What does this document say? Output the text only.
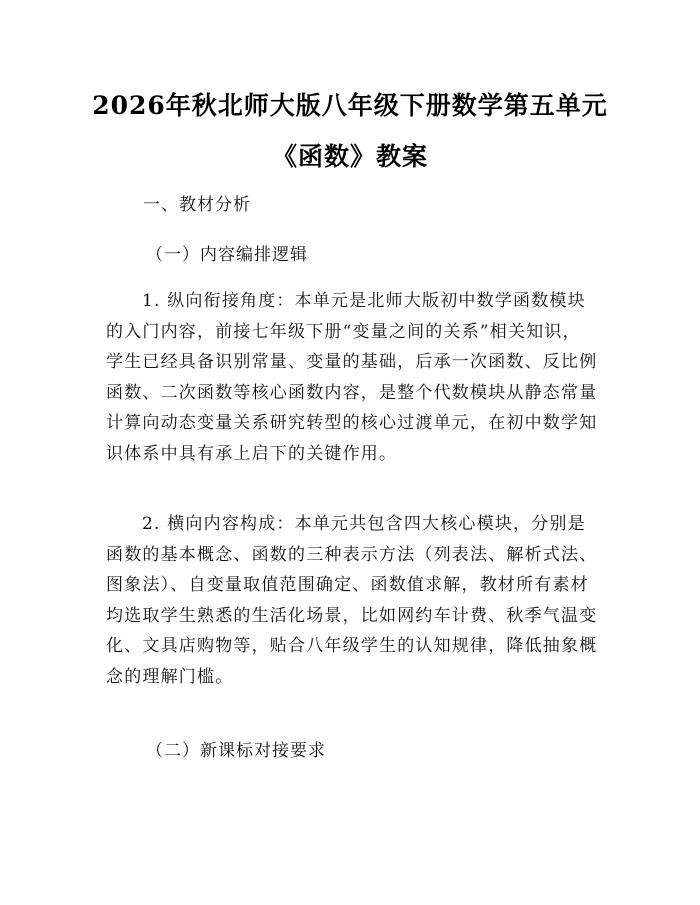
2026年秋北师大版八年级下册数学第五单元
《函数》教案
一、教材分析
（一）内容编排逻辑
1. 纵向衔接角度：本单元是北师大版初中数学函数模块
的入门内容，前接七年级下册“变量之间的关系”相关知识，
学生已经具备识别常量、变量的基础，后承一次函数、反比例
函数、二次函数等核心函数内容，是整个代数模块从静态常量
计算向动态变量关系研究转型的核心过渡单元，在初中数学知
识体系中具有承上启下的关键作用。
2. 横向内容构成：本单元共包含四大核心模块，分别是
函数的基本概念、函数的三种表示方法（列表法、解析式法、
图象法）、自变量取值范围确定、函数值求解，教材所有素材
均选取学生熟悉的生活化场景，比如网约车计费、秋季气温变
化、文具店购物等，贴合八年级学生的认知规律，降低抽象概
念的理解门槛。
（二）新课标对接要求
